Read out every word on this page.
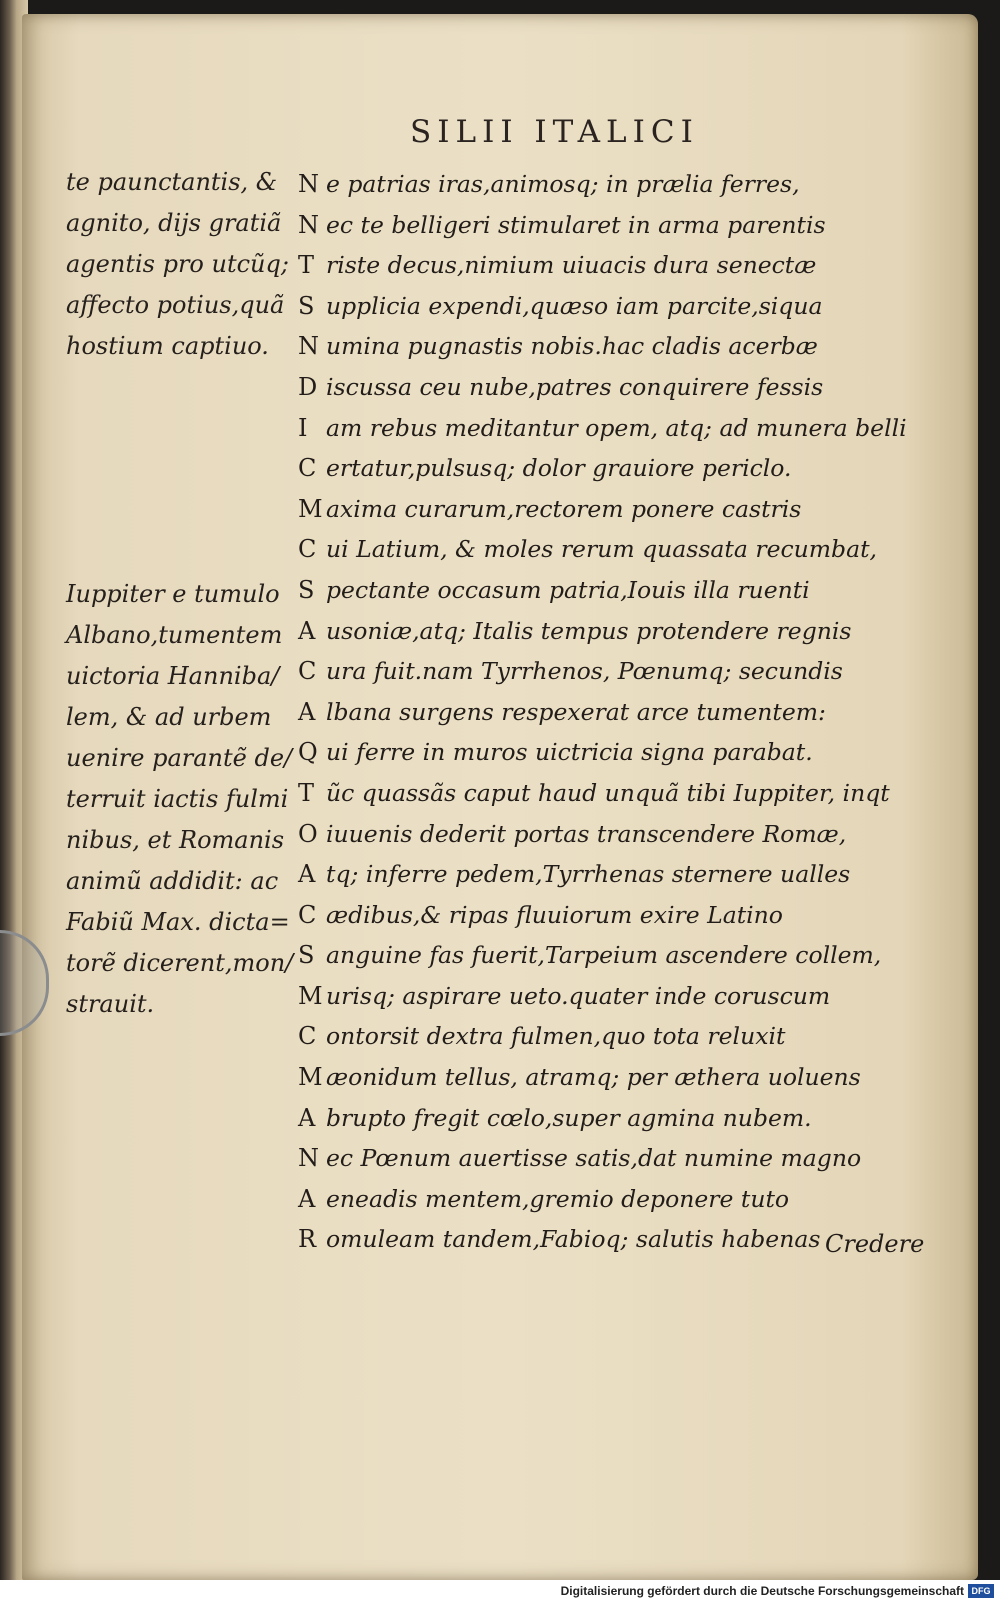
SILII ITALICI
te paunctantis, &
agnito, dijs gratiã
agentis pro utcũq;
affecto potius,quã
hostium captiuo.
Iuppiter e tumulo
Albano,tumentem
uictoria Hanniba/
lem, & ad urbem
uenire parantẽ de/
terruit iactis fulmi
nibus, et Romanis
animũ addidit: ac
Fabiũ Max. dicta=
torẽ dicerent,mon/
strauit.
N e patrias iras,animosq; in prælia ferres,
N ec te belligeri stimularet in arma parentis
T riste decus,nimium uiuacis dura senectæ
S upplicia expendi,quæso iam parcite,siqua
N umina pugnastis nobis.hac cladis acerbæ
D iscussa ceu nube,patres conquirere fessis
I am rebus meditantur opem, atq; ad munera belli
C ertatur,pulsusq; dolor grauiore periclo.
M axima curarum,rectorem ponere castris
C ui Latium, & moles rerum quassata recumbat,
S pectante occasum patria,Iouis illa ruenti
A usoniæ,atq; Italis tempus protendere regnis
C ura fuit.nam Tyrrhenos, Pœnumq; secundis
A lbana surgens respexerat arce tumentem:
Q ui ferre in muros uictricia signa parabat.
T ũc quassãs caput haud unquã tibi Iuppiter, inqt
O iuuenis dederit portas transcendere Romæ,
A tq; inferre pedem,Tyrrhenas sternere ualles
C ædibus,& ripas fluuiorum exire Latino
S anguine fas fuerit,Tarpeium ascendere collem,
M urisq; aspirare ueto.quater inde coruscum
C ontorsit dextra fulmen,quo tota reluxit
M æonidum tellus, atramq; per æthera uoluens
A brupto fregit cœlo,super agmina nubem.
N ec Pœnum auertisse satis,dat numine magno
A eneadis mentem,gremio deponere tuto
R omuleam tandem,Fabioq; salutis habenas Credere
Digitalisierung gefördert durch die Deutsche Forschungsgemeinschaft DFG
